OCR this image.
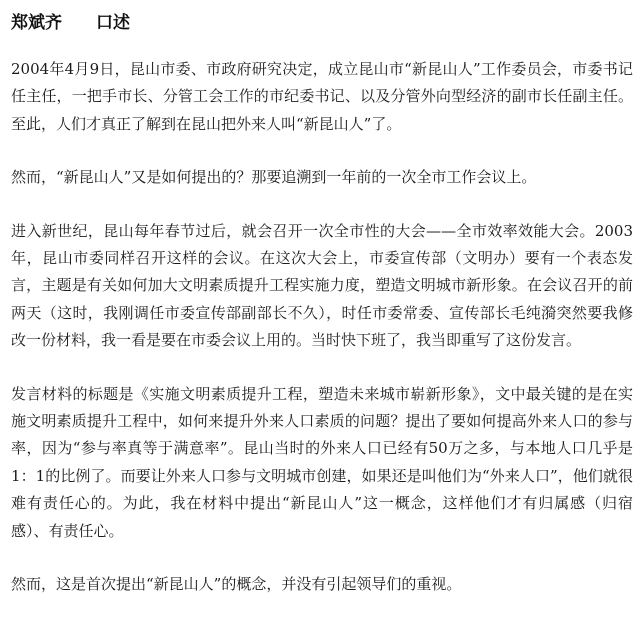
郑斌齐 口述

2004年4月9日，昆山市委、市政府研究决定，成立昆山市“新昆山人”工作委员会，市委书记任主任，一把手市长、分管工会工作的市纪委书记、以及分管外向型经济的副市长任副主任。至此，人们才真正了解到在昆山把外来人叫“新昆山人”了。

然而，“新昆山人”又是如何提出的？那要追溯到一年前的一次全市工作会议上。

进入新世纪，昆山每年春节过后，就会召开一次全市性的大会——全市效率效能大会。2003年，昆山市委同样召开这样的会议。在这次大会上，市委宣传部（文明办）要有一个表态发言，主题是有关如何加大文明素质提升工程实施力度，塑造文明城市新形象。在会议召开的前两天（这时，我刚调任市委宣传部副部长不久），时任市委常委、宣传部长毛纯漪突然要我修改一份材料，我一看是要在市委会议上用的。当时快下班了，我当即重写了这份发言。

发言材料的标题是《实施文明素质提升工程，塑造未来城市崭新形象》，文中最关键的是在实施文明素质提升工程中，如何来提升外来人口素质的问题？提出了要如何提高外来人口的参与率，因为“参与率真等于满意率”。昆山当时的外来人口已经有50万之多，与本地人口几乎是1：1的比例了。而要让外来人口参与文明城市创建，如果还是叫他们为“外来人口”，他们就很难有责任心的。为此，我在材料中提出“新昆山人”这一概念，这样他们才有归属感（归宿感）、有责任心。

然而，这是首次提出“新昆山人”的概念，并没有引起领导们的重视。
